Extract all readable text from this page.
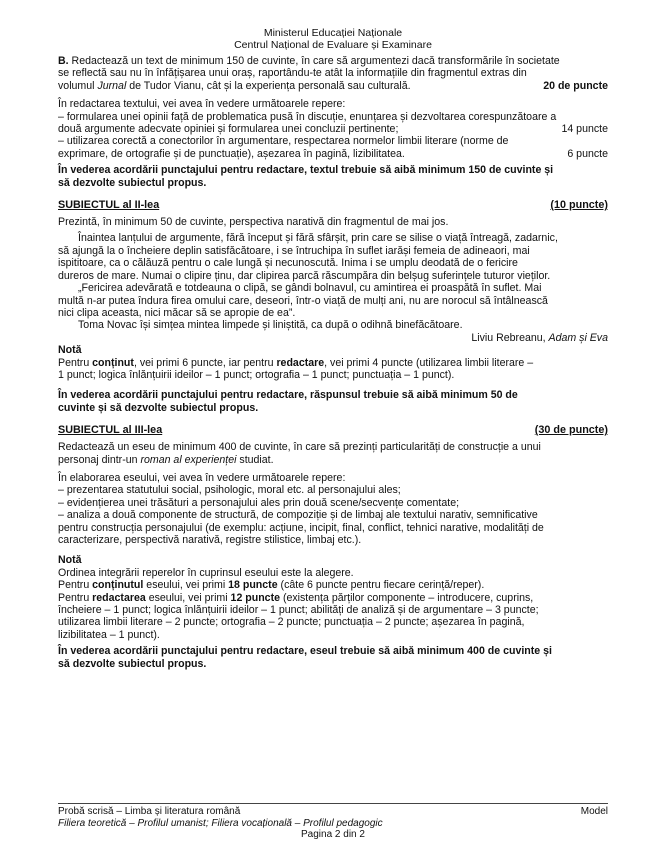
Ministerul Educației Naționale
Centrul Național de Evaluare și Examinare

B. Redactează un text de minimum 150 de cuvinte, în care să argumentezi dacă transformările în societate

se reflectă sau nu în înfățișarea unui oraș, raportându-te atât la informațiile din fragmentul extras din

volumul Jurnal de Tudor Vianu, cât și la experiența personală sau culturală.	20 de puncte

În redactarea textului, vei avea în vedere următoarele repere:

– formularea unei opinii față de problematica pusă în discuție, enunțarea și dezvoltarea corespunzătoare a

două argumente adecvate opiniei și formularea unei concluzii pertinente;	14 puncte

– utilizarea corectă a conectorilor în argumentare, respectarea normelor limbii literare (norme de

exprimare, de ortografie și de punctuație), așezarea în pagină, lizibilitatea.	6 puncte

În vederea acordării punctajului pentru redactare, textul trebuie să aibă minimum 150 de cuvinte și

să dezvolte subiectul propus.

SUBIECTUL al II-lea	(10 puncte)

Prezintă, în minimum 50 de cuvinte, perspectiva narativă din fragmentul de mai jos.

Înaintea lanțului de argumente, fără început și fără sfârșit, prin care se silise o viață întreagă, zadarnic,

să ajungă la o încheiere deplin satisfăcătoare, i se întruchipa în suflet iarăși femeia de adineaori, mai

ispititoare, ca o călăuză pentru o cale lungă și necunoscută. Inima i se umplu deodată de o fericire

dureros de mare. Numai o clipire ținu, dar clipirea parcă răscumpăra din belșug suferințele tuturor vieților.

„Fericirea adevărată e totdeauna o clipă, se gândi bolnavul, cu amintirea ei proaspătă în suflet. Mai

multă n-ar putea îndura firea omului care, deseori, într-o viață de mulți ani, nu are norocul să întâlnească

nici clipa aceasta, nici măcar să se apropie de ea”.

Toma Novac își simțea mintea limpede și liniștită, ca după o odihnă binefăcătoare.

Liviu Rebreanu, Adam și Eva

Notă

Pentru conținut, vei primi 6 puncte, iar pentru redactare, vei primi 4 puncte (utilizarea limbii literare –

1 punct; logica înlănțuirii ideilor – 1 punct; ortografia – 1 punct; punctuația – 1 punct).

În vederea acordării punctajului pentru redactare, răspunsul trebuie să aibă minimum 50 de

cuvinte și să dezvolte subiectul propus.

SUBIECTUL al III-lea	(30 de puncte)

Redactează un eseu de minimum 400 de cuvinte, în care să prezinți particularități de construcție a unui

personaj dintr-un roman al experienței studiat.

În elaborarea eseului, vei avea în vedere următoarele repere:

– prezentarea statutului social, psihologic, moral etc. al personajului ales;

– evidențierea unei trăsături a personajului ales prin două scene/secvențe comentate;

– analiza a două componente de structură, de compoziție și de limbaj ale textului narativ, semnificative

pentru construcția personajului (de exemplu: acțiune, incipit, final, conflict, tehnici narative, modalități de

caracterizare, perspectivă narativă, registre stilistice, limbaj etc.).

Notă

Ordinea integrării reperelor în cuprinsul eseului este la alegere.

Pentru conținutul eseului, vei primi 18 puncte (câte 6 puncte pentru fiecare cerință/reper).

Pentru redactarea eseului, vei primi 12 puncte (existența părților componente – introducere, cuprins,

încheiere – 1 punct; logica înlănțuirii ideilor – 1 punct; abilități de analiză și de argumentare – 3 puncte;

utilizarea limbii literare – 2 puncte; ortografia – 2 puncte; punctuația – 2 puncte; așezarea în pagină,

lizibilitatea – 1 punct).

În vederea acordării punctajului pentru redactare, eseul trebuie să aibă minimum 400 de cuvinte și

să dezvolte subiectul propus.

Probă scrisă – Limba și literatura română	Model
Filiera teoretică – Profilul umanist; Filiera vocațională – Profilul pedagogic
Pagina 2 din 2
